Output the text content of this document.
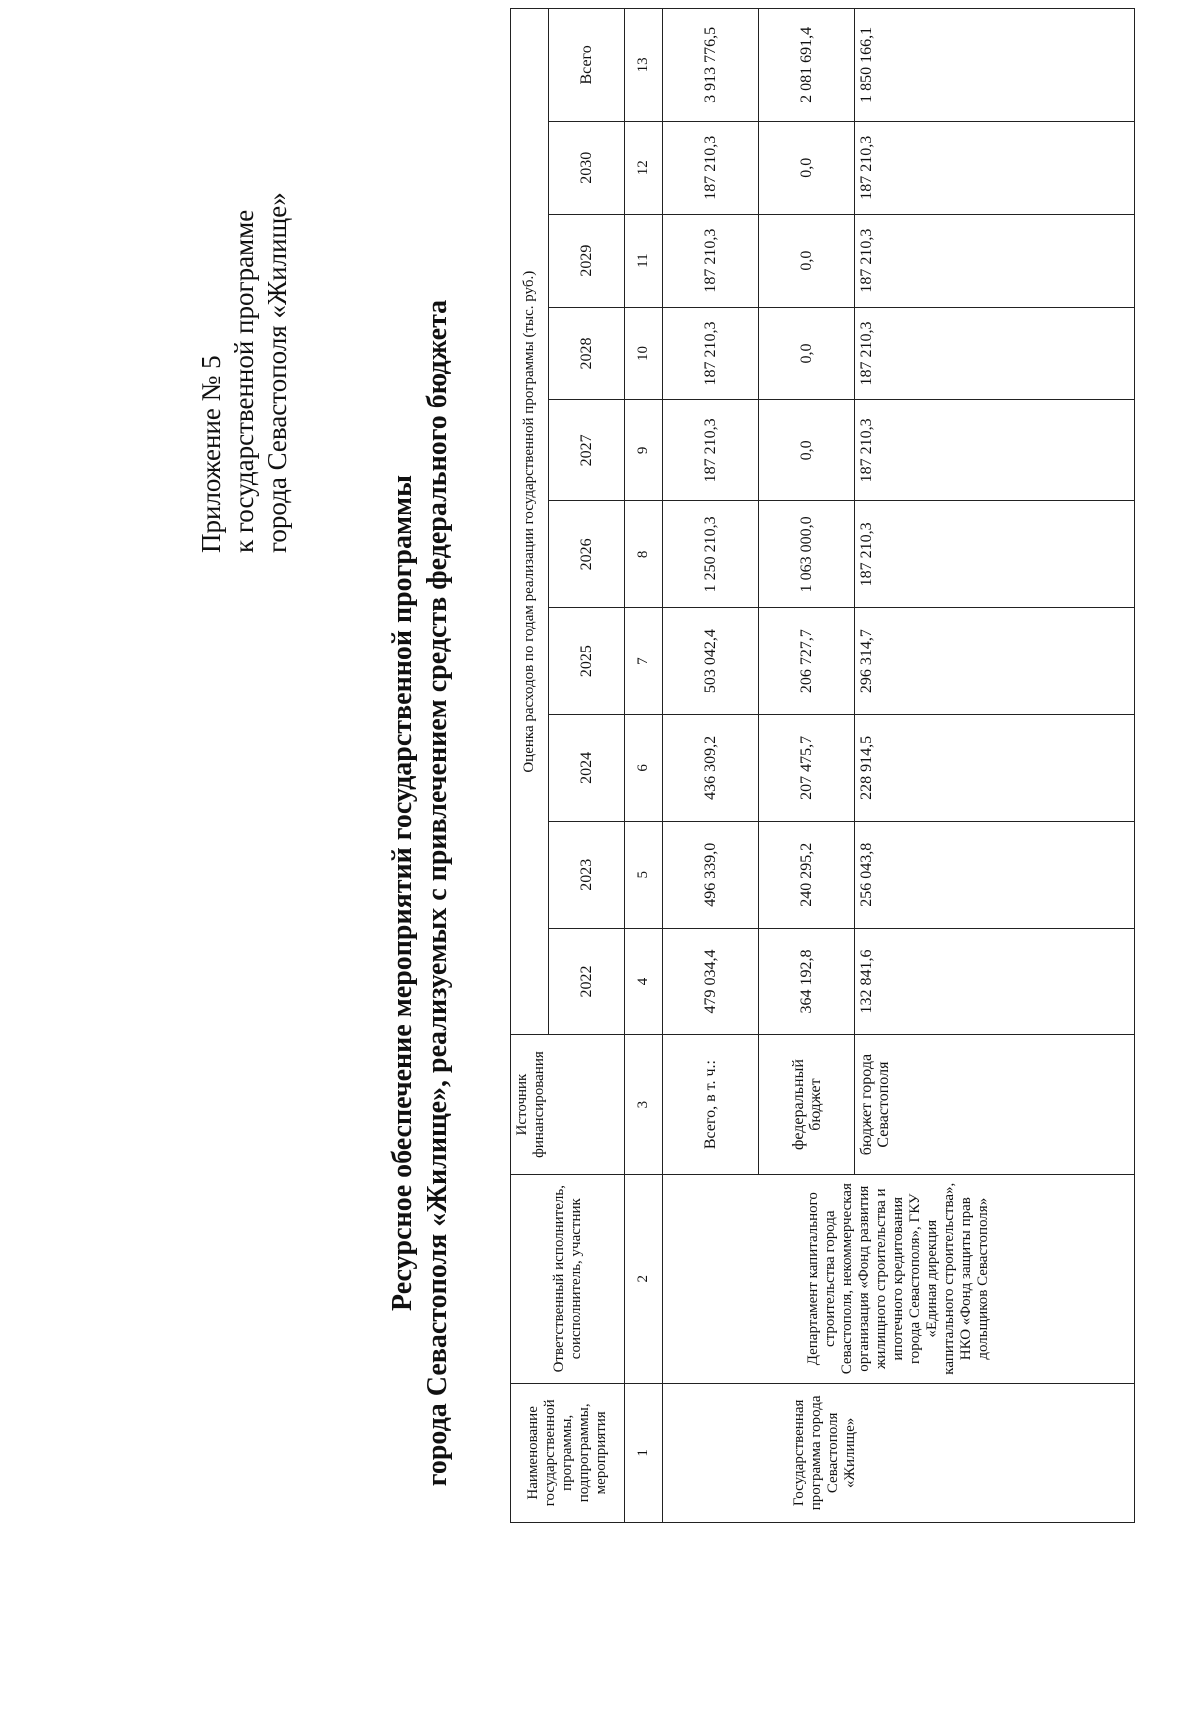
Приложение № 5 к государственной программе города Севастополя «Жилище»
Ресурсное обеспечение мероприятий государственной программы города Севастополя «Жилище», реализуемых с привлечением средств федерального бюджета	Наименование государственной программы, подпрограммы, мероприятия	Ответственный исполнитель, соисполнитель, участник	Источник финансирования	Оценка расходов по годам реализации государственной программы (тыс. руб.)									
			2022	2023	2024	2025	2026	2027	2028	2029	2030	Всего
1	2	3	4	5	6	7	8	9	10	11	12	13

Государственная программа города Севастополя «Жилище»	Департамент капитального строительства города Севастополя, некоммерческая организация «Фонд развития жилищного строительства и ипотечного кредитования города Севастополя», ГКУ «Единая дирекция капитального строительства», НКО «Фонд защиты прав дольщиков Севастополя»	Всего, в т. ч.:	479 034,4	496 339,0	436 309,2	503 042,4	1 250 210,3	187 210,3	187 210,3	187 210,3	187 210,3	3 913 776,5
		федеральный бюджет	364 192,8	240 295,2	207 475,7	206 727,7	1 063 000,0	0,0	0,0	0,0	0,0	2 081 691,4
		бюджет города Севастополя	132 841,6	256 043,8	228 914,5	296 314,7	187 210,3	187 210,3	187 210,3	187 210,3	187 210,3	1 850 166,1
